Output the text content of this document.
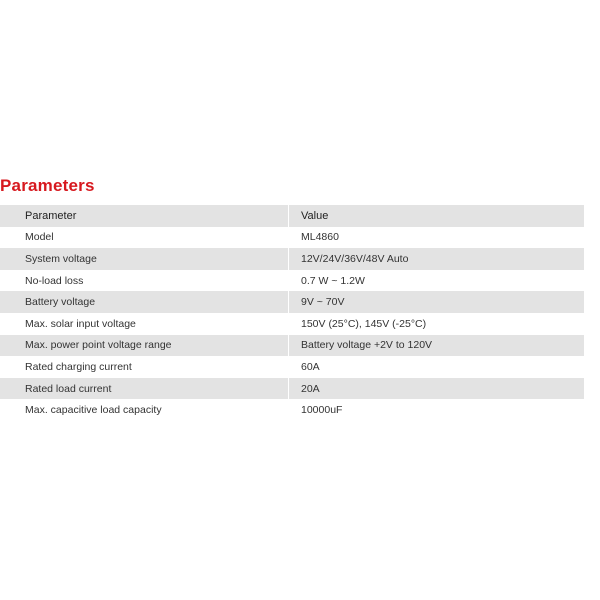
Parameters
Parameter	Value
Model	ML4860
System voltage	12V/24V/36V/48V Auto
No-load loss	0.7 W ~ 1.2W
Battery voltage	9V ~ 70V
Max. solar input voltage	150V (25°C), 145V (-25°C)
Max. power point voltage range	Battery voltage +2V to 120V
Rated charging current	60A
Rated load current	20A
Max. capacitive load capacity	10000uF
